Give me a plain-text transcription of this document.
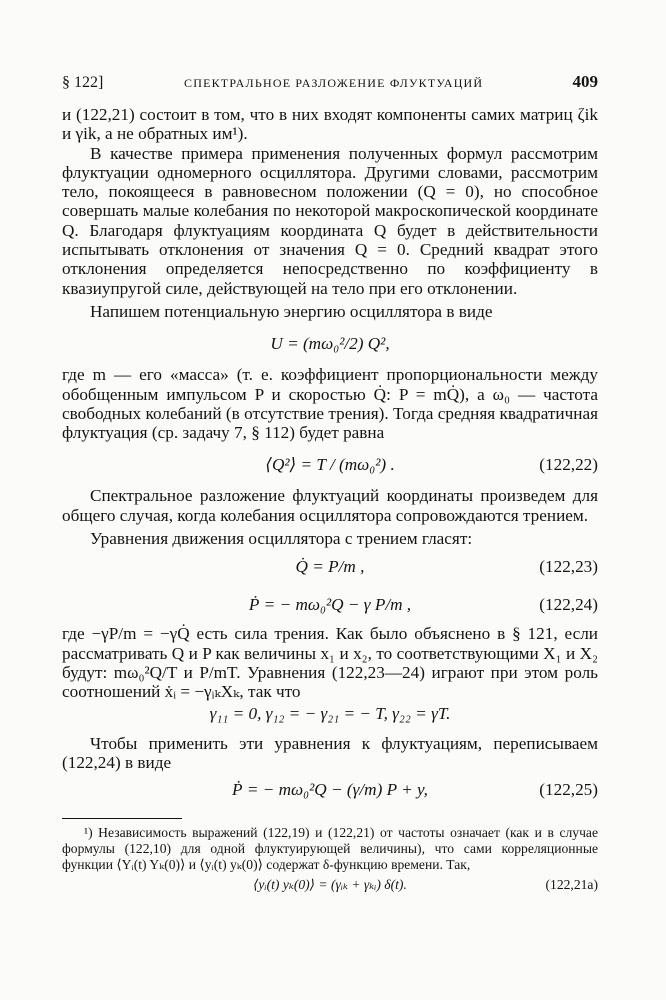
§ 122]	СПЕКТРАЛЬНОЕ РАЗЛОЖЕНИЕ ФЛУКТУАЦИЙ	409

и (122,21) состоит в том, что в них входят компоненты самих матриц ζik и γik, а не обратных им¹).

В качестве примера применения полученных формул рассмотрим флуктуации одномерного осциллятора. Другими словами, рассмотрим тело, покоящееся в равновесном положении (Q = 0), но способное совершать малые колебания по некоторой макроскопической координате Q. Благодаря флуктуациям координата Q будет в действительности испытывать отклонения от значения Q = 0. Средний квадрат этого отклонения определяется непосредственно по коэффициенту в квазиупругой силе, действующей на тело при его отклонении.

Напишем потенциальную энергию осциллятора в виде

U = (mω₀²/2) Q²,

где m — его «масса» (т. е. коэффициент пропорциональности между обобщенным импульсом P и скоростью Q̇: P = mQ̇), а ω₀ — частота свободных колебаний (в отсутствие трения). Тогда средняя квадратичная флуктуация (ср. задачу 7, § 112) будет равна

⟨Q²⟩ = T / (mω₀²) .	(122,22)

Спектральное разложение флуктуаций координаты произведем для общего случая, когда колебания осциллятора сопровождаются трением.

Уравнения движения осциллятора с трением гласят:

Q̇ = P/m ,	(122,23)
Ṗ = − mω₀²Q − γ P/m ,	(122,24)

где −γP/m = −γQ̇ есть сила трения. Как было объяснено в § 121, если рассматривать Q и P как величины x₁ и x₂, то соответствующими X₁ и X₂ будут: mω₀²Q/T и P/mT. Уравнения (122,23—24) играют при этом роль соотношений ẋᵢ = −γᵢₖXₖ, так что

γ₁₁ = 0, γ₁₂ = − γ₂₁ = − T, γ₂₂ = γT.

Чтобы применить эти уравнения к флуктуациям, переписываем (122,24) в виде

Ṗ = − mω₀²Q − (γ/m) P + y,	(122,25)

¹) Независимость выражений (122,19) и (122,21) от частоты означает (как и в случае формулы (122,10) для одной флуктуирующей величины), что сами корреляционные функции ⟨Yᵢ(t) Yₖ(0)⟩ и ⟨yᵢ(t) yₖ(0)⟩ содержат δ-функцию времени. Так,

⟨yᵢ(t) yₖ(0)⟩ = (γᵢₖ + γₖᵢ) δ(t).	(122,21а)
